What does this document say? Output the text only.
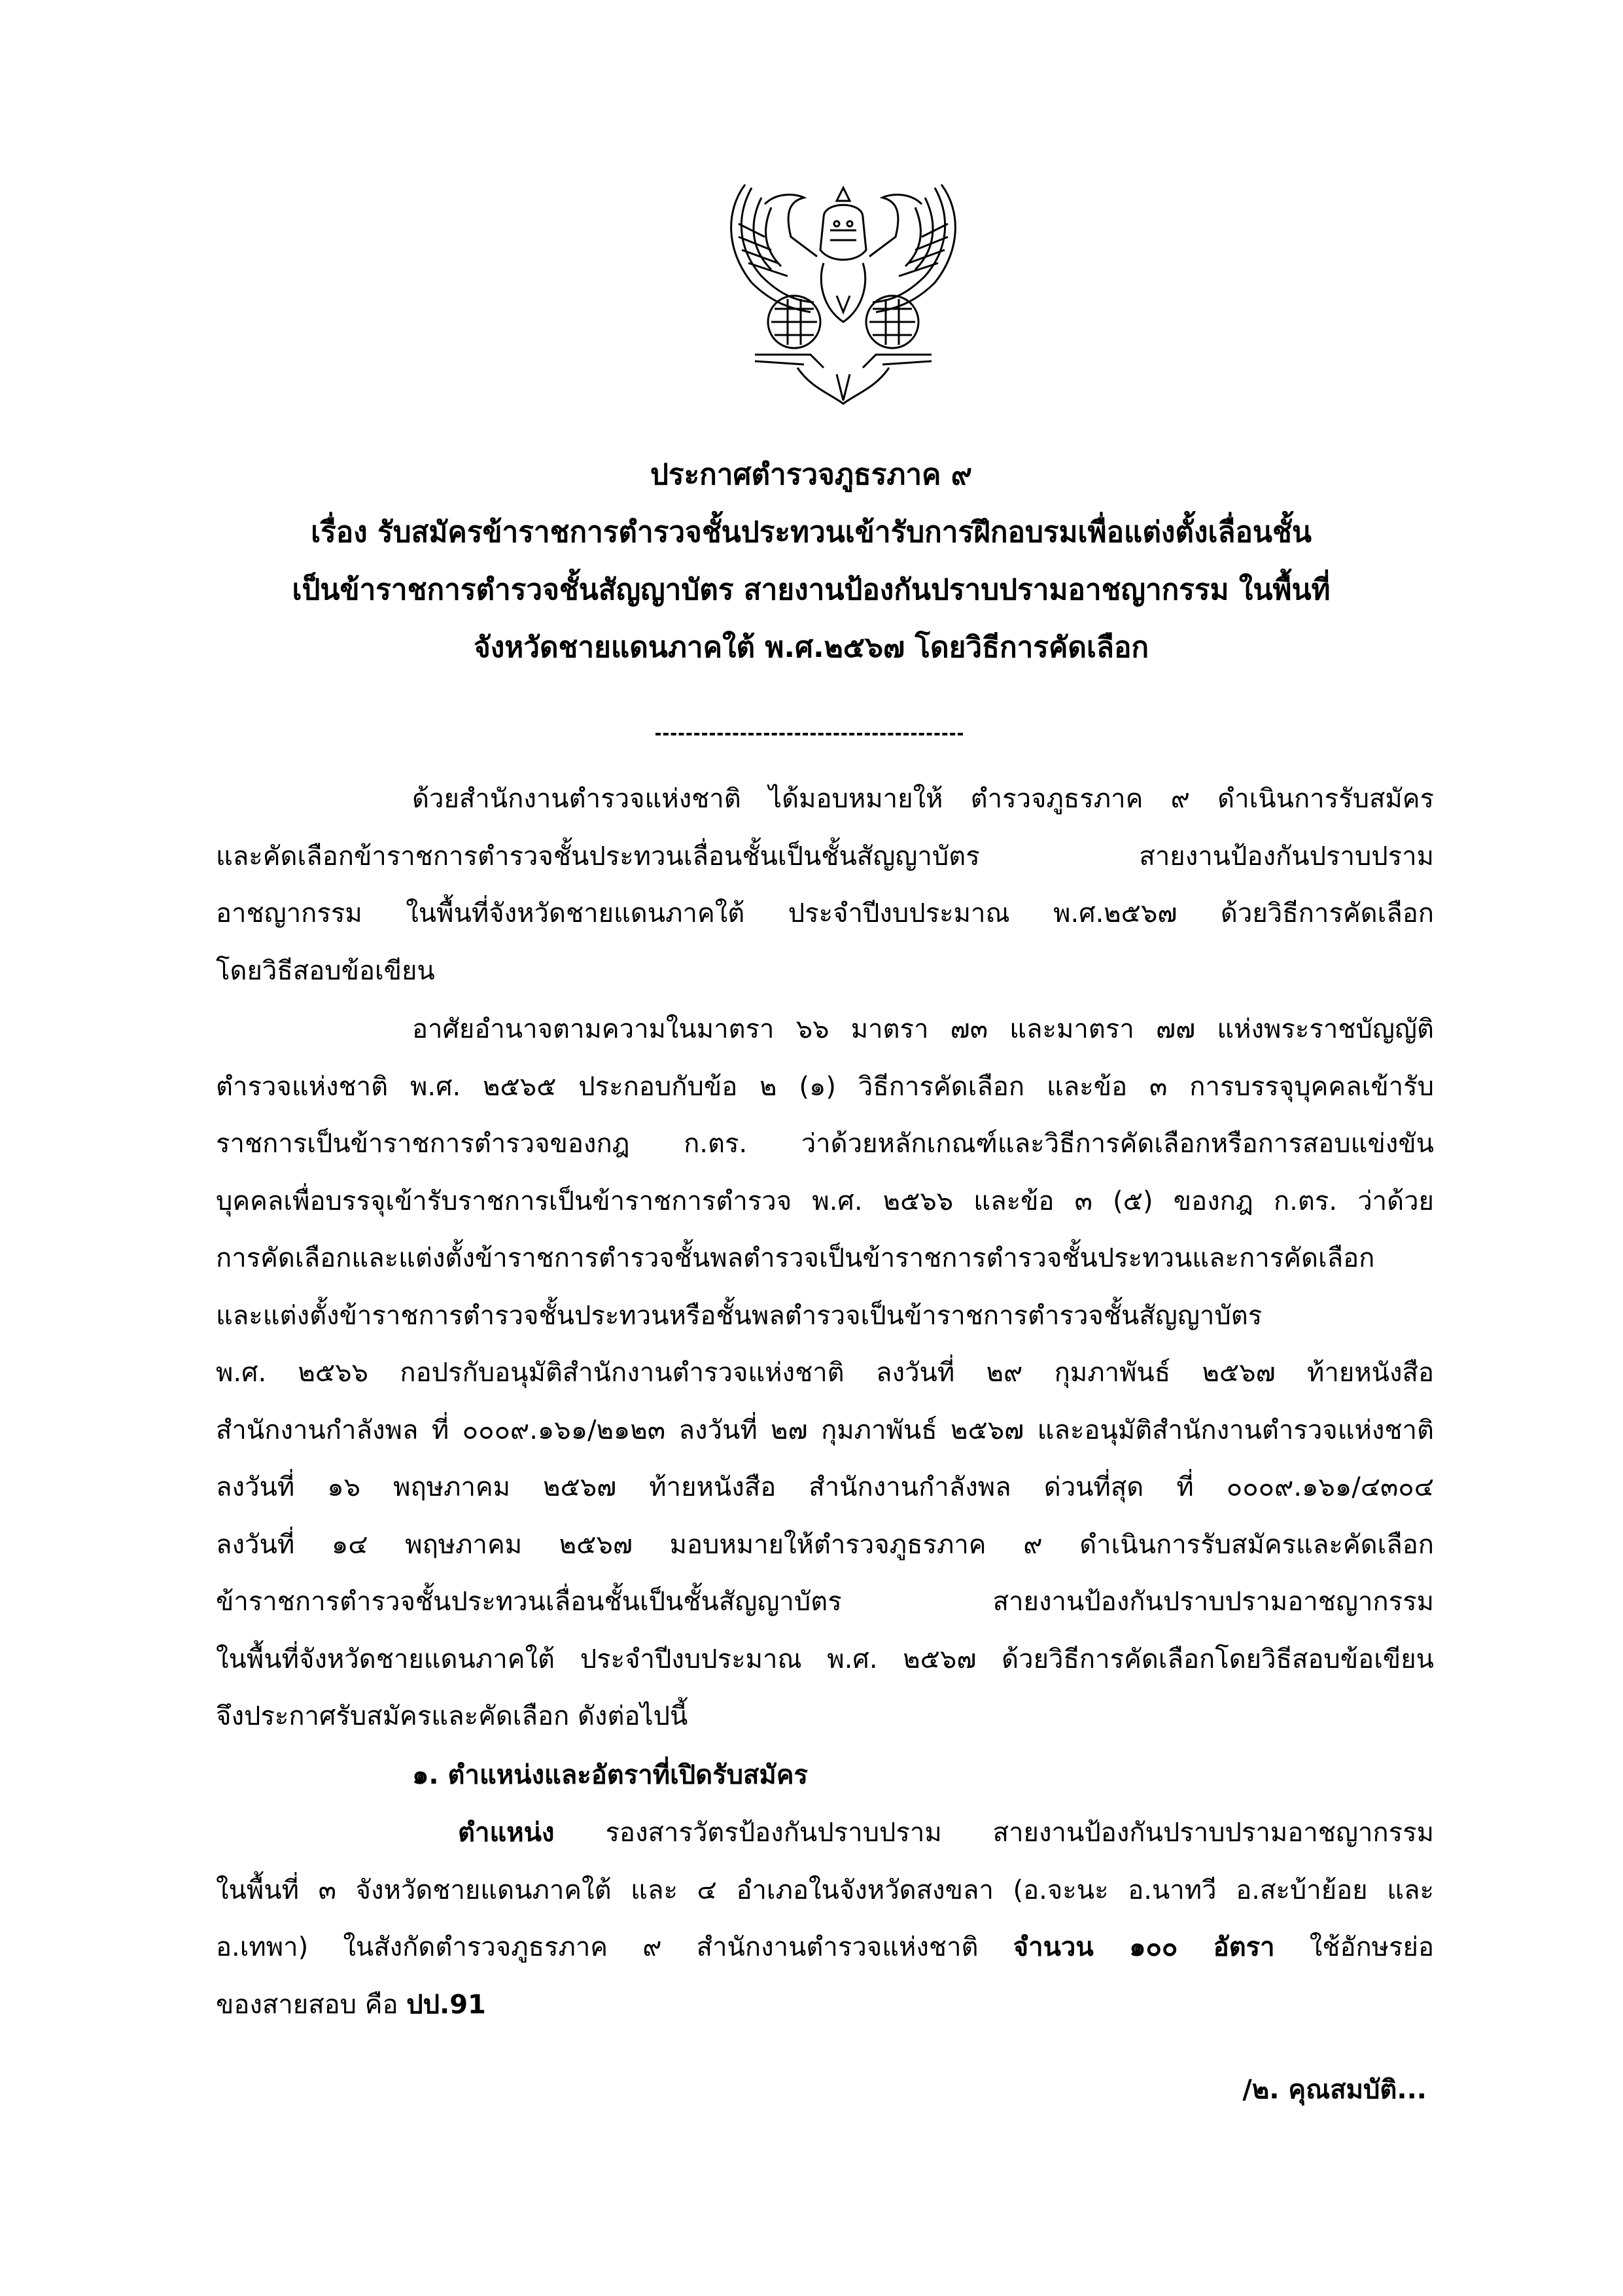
ประกาศตำรวจภูธรภาค ๙
เรื่อง รับสมัครข้าราชการตำรวจชั้นประทวนเข้ารับการฝึกอบรมเพื่อแต่งตั้งเลื่อนชั้น
เป็นข้าราชการตำรวจชั้นสัญญาบัตร สายงานป้องกันปราบปรามอาชญากรรม ในพื้นที่
จังหวัดชายแดนภาคใต้ พ.ศ.๒๕๖๗ โดยวิธีการคัดเลือก
ด้วยสำนักงานตำรวจแห่งชาติ ได้มอบหมายให้ ตำรวจภูธรภาค ๙ ดำเนินการรับสมัคร
และคัดเลือกข้าราชการตำรวจชั้นประทวนเลื่อนชั้นเป็นชั้นสัญญาบัตร สายงานป้องกันปราบปราม
อาชญากรรม ในพื้นที่จังหวัดชายแดนภาคใต้ ประจำปีงบประมาณ พ.ศ.๒๕๖๗ ด้วยวิธีการคัดเลือก
โดยวิธีสอบข้อเขียน
อาศัยอำนาจตามความในมาตรา ๖๖ มาตรา ๗๓ และมาตรา ๗๗ แห่งพระราชบัญญัติ
ตำรวจแห่งชาติ พ.ศ. ๒๕๖๕ ประกอบกับข้อ ๒ (๑) วิธีการคัดเลือก และข้อ ๓ การบรรจุบุคคลเข้ารับ
ราชการเป็นข้าราชการตำรวจของกฎ ก.ตร. ว่าด้วยหลักเกณฑ์และวิธีการคัดเลือกหรือการสอบแข่งขัน
บุคคลเพื่อบรรจุเข้ารับราชการเป็นข้าราชการตำรวจ พ.ศ. ๒๕๖๖ และข้อ ๓ (๕) ของกฎ ก.ตร. ว่าด้วย
การคัดเลือกและแต่งตั้งข้าราชการตำรวจชั้นพลตำรวจเป็นข้าราชการตำรวจชั้นประทวนและการคัดเลือก
และแต่งตั้งข้าราชการตำรวจชั้นประทวนหรือชั้นพลตำรวจเป็นข้าราชการตำรวจชั้นสัญญาบัตร
พ.ศ. ๒๕๖๖ กอปรกับอนุมัติสำนักงานตำรวจแห่งชาติ ลงวันที่ ๒๙ กุมภาพันธ์ ๒๕๖๗ ท้ายหนังสือ
สำนักงานกำลังพล ที่ ๐๐๐๙.๑๖๑/๒๑๒๓ ลงวันที่ ๒๗ กุมภาพันธ์ ๒๕๖๗ และอนุมัติสำนักงานตำรวจแห่งชาติ
ลงวันที่ ๑๖ พฤษภาคม ๒๕๖๗ ท้ายหนังสือ สำนักงานกำลังพล ด่วนที่สุด ที่ ๐๐๐๙.๑๖๑/๔๓๐๔
ลงวันที่ ๑๔ พฤษภาคม ๒๕๖๗ มอบหมายให้ตำรวจภูธรภาค ๙ ดำเนินการรับสมัครและคัดเลือก
ข้าราชการตำรวจชั้นประทวนเลื่อนชั้นเป็นชั้นสัญญาบัตร สายงานป้องกันปราบปรามอาชญากรรม
ในพื้นที่จังหวัดชายแดนภาคใต้ ประจำปีงบประมาณ พ.ศ. ๒๕๖๗ ด้วยวิธีการคัดเลือกโดยวิธีสอบข้อเขียน
จึงประกาศรับสมัครและคัดเลือก ดังต่อไปนี้
๑. ตำแหน่งและอัตราที่เปิดรับสมัคร
ตำแหน่ง รองสารวัตรป้องกันปราบปราม สายงานป้องกันปราบปรามอาชญากรรม
ในพื้นที่ ๓ จังหวัดชายแดนภาคใต้ และ ๔ อำเภอในจังหวัดสงขลา (อ.จะนะ อ.นาทวี อ.สะบ้าย้อย และ
อ.เทพา) ในสังกัดตำรวจภูธรภาค ๙ สำนักงานตำรวจแห่งชาติ จำนวน ๑๐๐ อัตรา ใช้อักษรย่อ
ของสายสอบ คือ ปป.91
/๒. คุณสมบัติ...
